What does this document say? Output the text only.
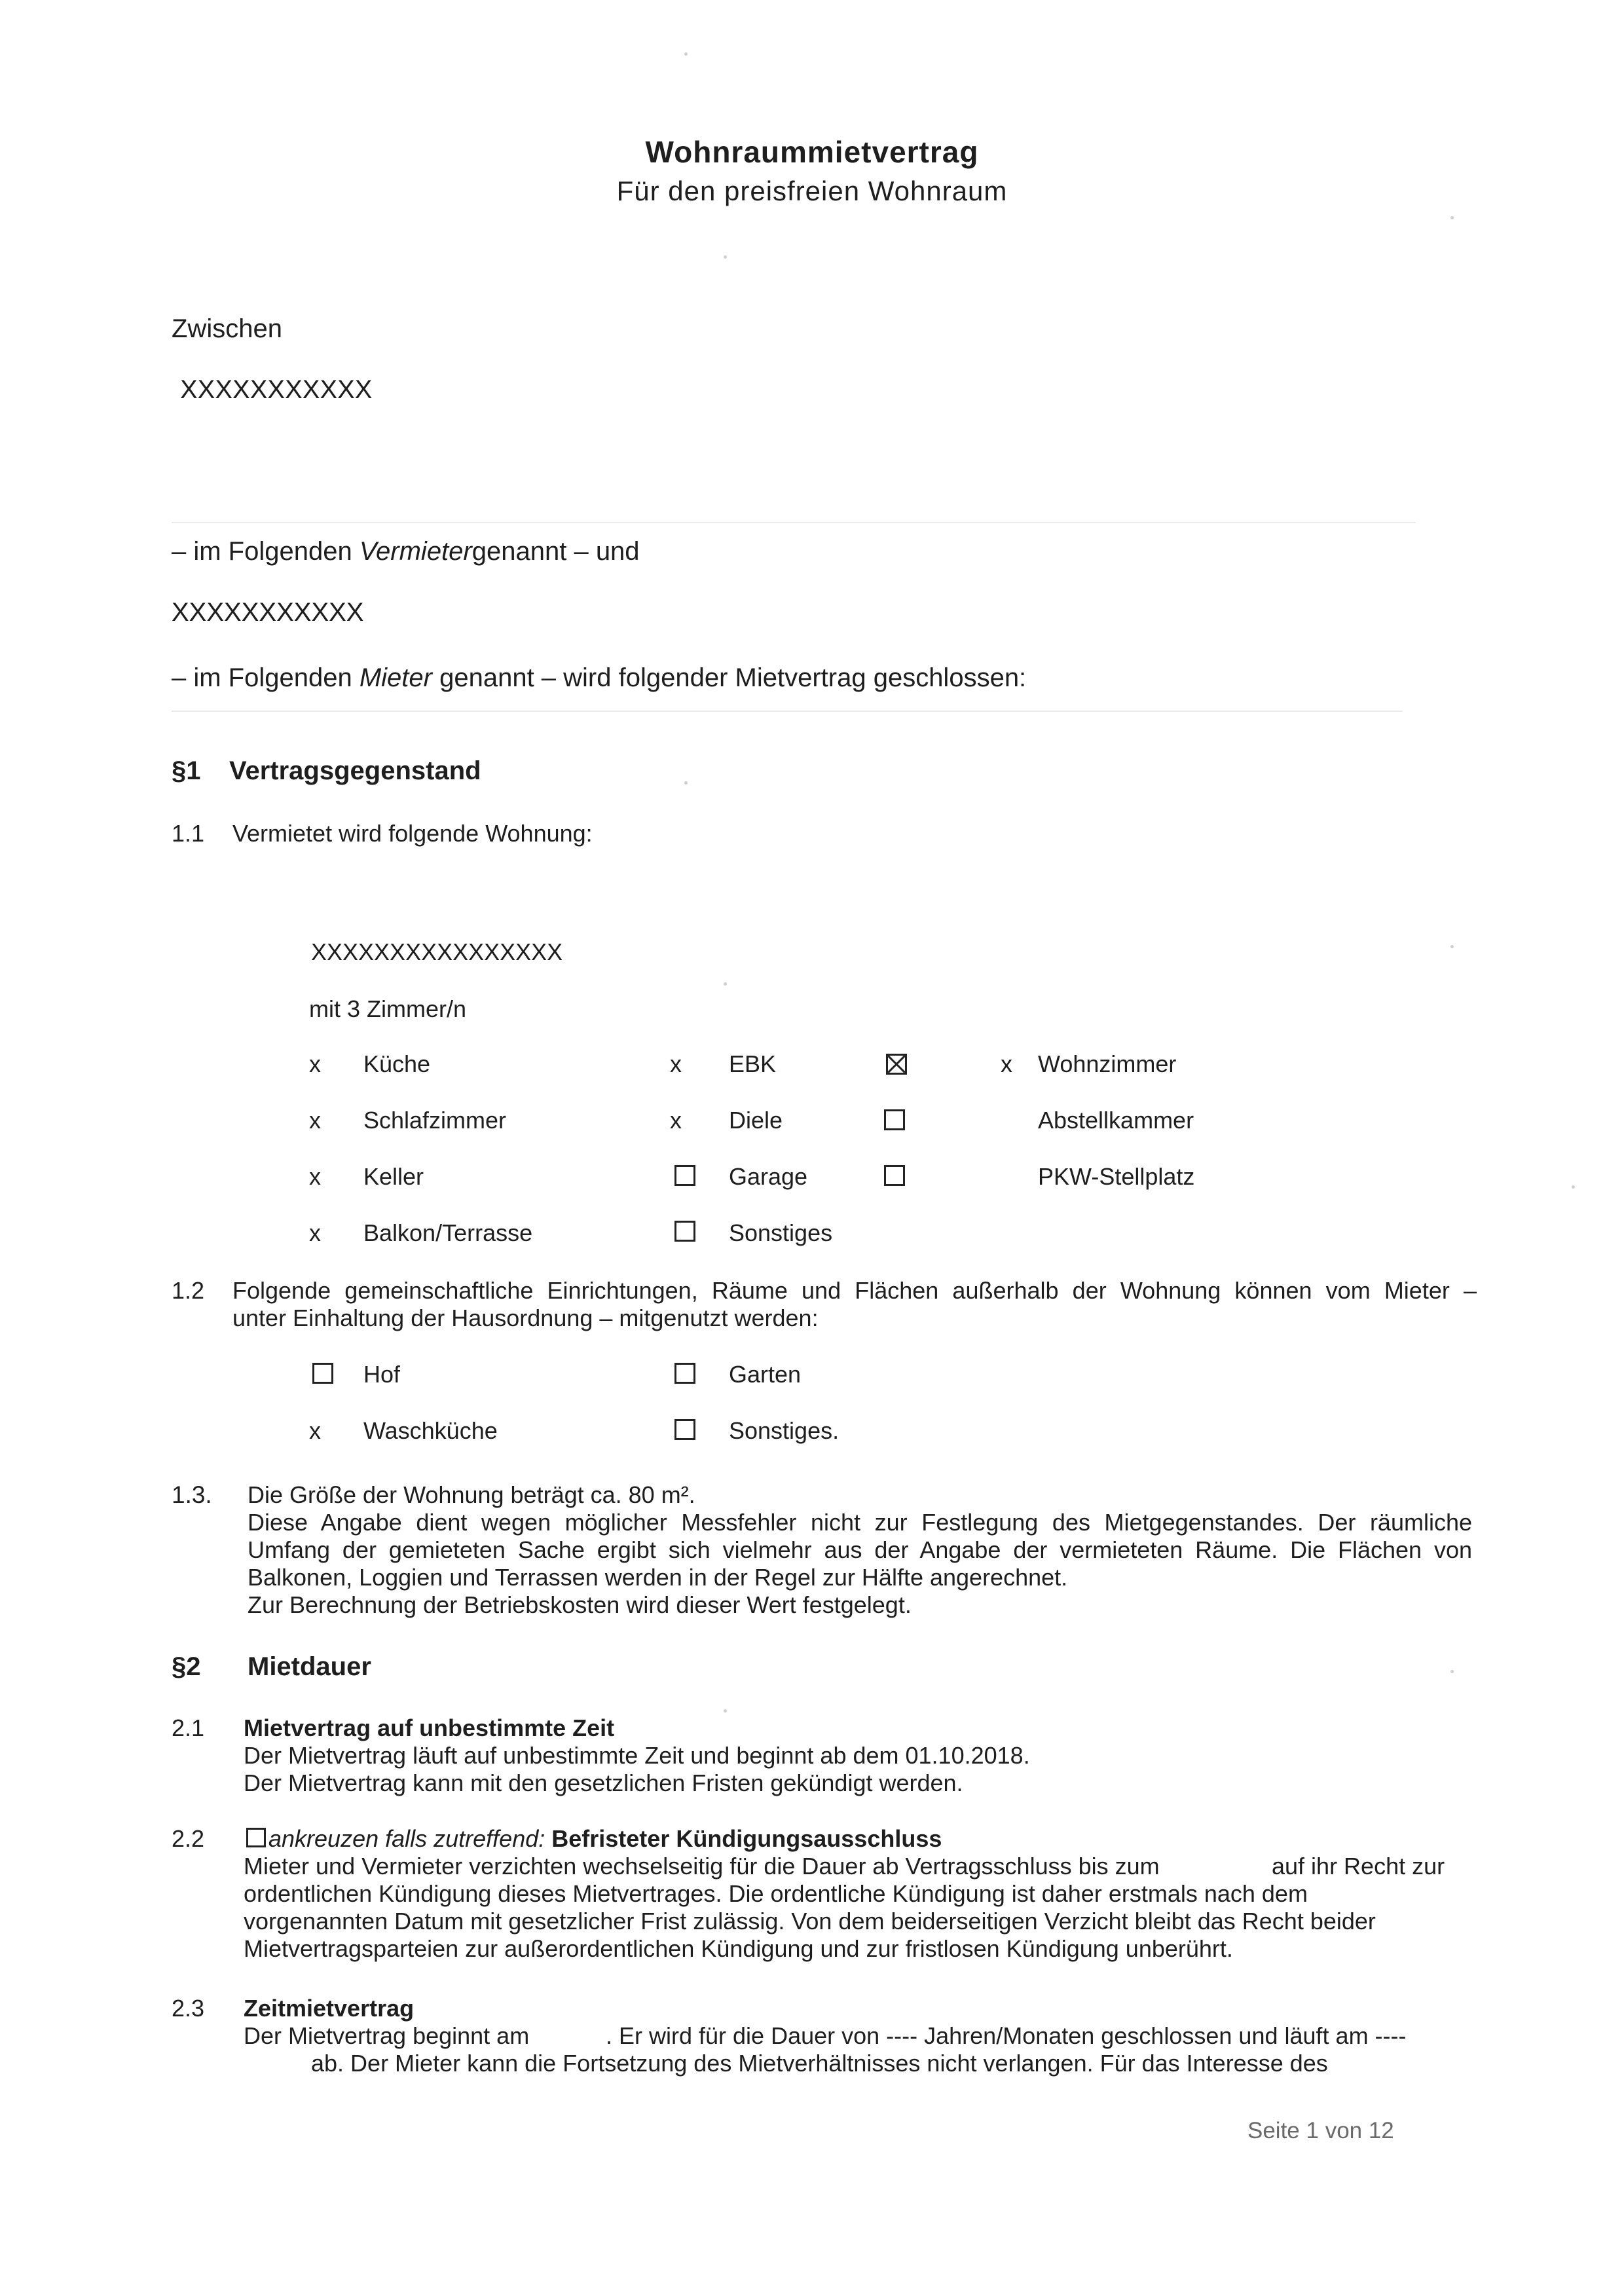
Wohnraummietvertrag
Für den preisfreien Wohnraum
Zwischen
XXXXXXXXXXX
– im Folgenden Vermietergenannt – und
XXXXXXXXXXX
– im Folgenden Mieter genannt – wird folgender Mietvertrag geschlossen:
§1 Vertragsgegenstand
1.1 Vermietet wird folgende Wohnung:
XXXXXXXXXXXXXXXX
mit 3 Zimmer/n
x Küche	x EBK	x Wohnzimmer
x Schlafzimmer	x Diele	Abstellkammer
x Keller	Garage	PKW-Stellplatz
x Balkon/Terrasse	Sonstiges
1.2 Folgende gemeinschaftliche Einrichtungen, Räume und Flächen außerhalb der Wohnung können vom Mieter –
unter Einhaltung der Hausordnung – mitgenutzt werden:
Hof	Garten
x Waschküche	Sonstiges.
1.3. Die Größe der Wohnung beträgt ca. 80 m².
Diese Angabe dient wegen möglicher Messfehler nicht zur Festlegung des Mietgegenstandes. Der räumliche
Umfang der gemieteten Sache ergibt sich vielmehr aus der Angabe der vermieteten Räume. Die Flächen von
Balkonen, Loggien und Terrassen werden in der Regel zur Hälfte angerechnet.
Zur Berechnung der Betriebskosten wird dieser Wert festgelegt.
§2 Mietdauer
2.1 Mietvertrag auf unbestimmte Zeit
Der Mietvertrag läuft auf unbestimmte Zeit und beginnt ab dem 01.10.2018.
Der Mietvertrag kann mit den gesetzlichen Fristen gekündigt werden.
2.2	ankreuzen falls zutreffend: Befristeter Kündigungsausschluss
Mieter und Vermieter verzichten wechselseitig für die Dauer ab Vertragsschluss bis zum	auf ihr Recht zur
ordentlichen Kündigung dieses Mietvertrages. Die ordentliche Kündigung ist daher erstmals nach dem
vorgenannten Datum mit gesetzlicher Frist zulässig. Von dem beiderseitigen Verzicht bleibt das Recht beider
Mietvertragsparteien zur außerordentlichen Kündigung und zur fristlosen Kündigung unberührt.
2.3 Zeitmietvertrag
Der Mietvertrag beginnt am	. Er wird für die Dauer von ---- Jahren/Monaten geschlossen und läuft am ----
ab. Der Mieter kann die Fortsetzung des Mietverhältnisses nicht verlangen. Für das Interesse des
Seite 1 von 12
